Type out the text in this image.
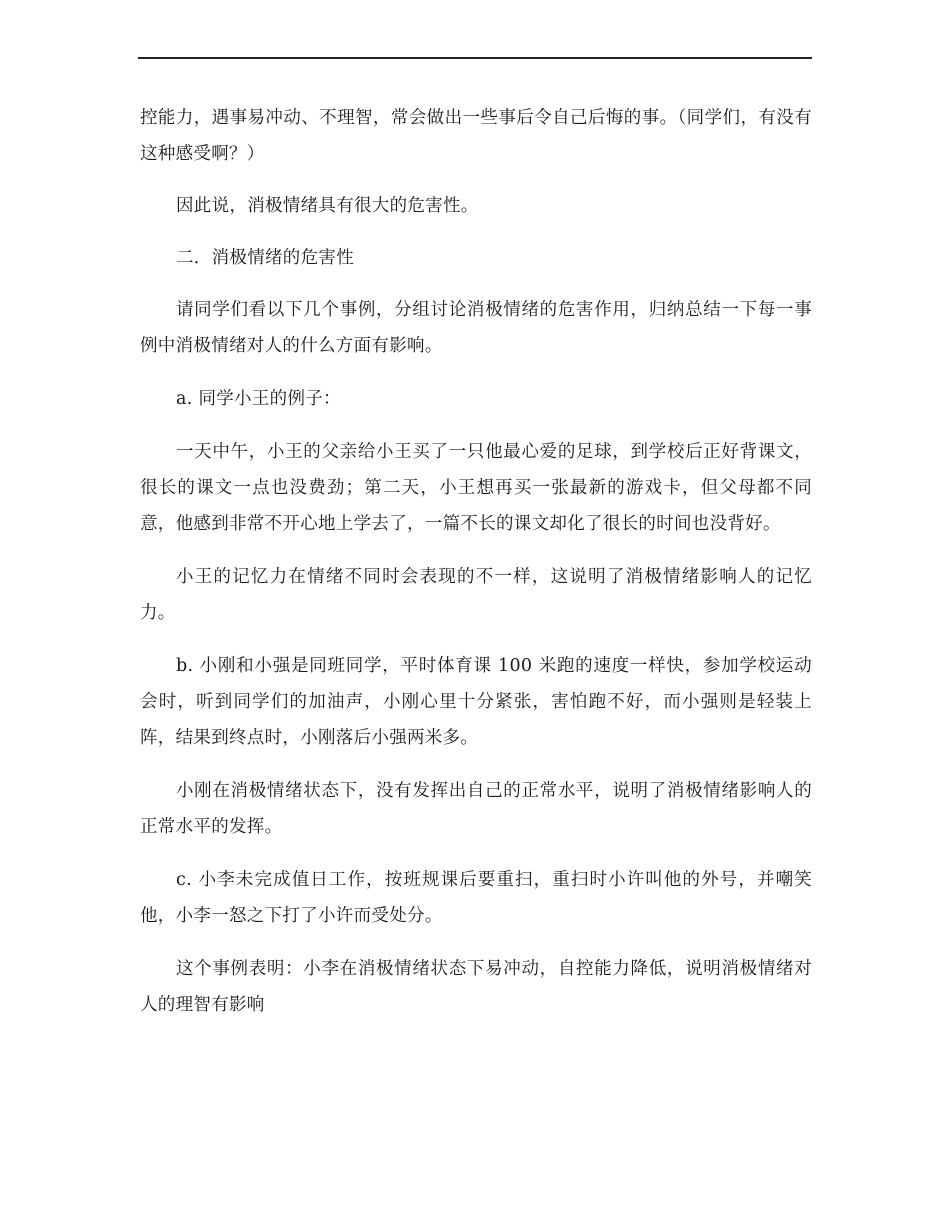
控能力，遇事易冲动、不理智，常会做出一些事后令自己后悔的事。（同学们，有没有这种感受啊？）

因此说，消极情绪具有很大的危害性。

二．消极情绪的危害性

请同学们看以下几个事例，分组讨论消极情绪的危害作用，归纳总结一下每一事例中消极情绪对人的什么方面有影响。

a. 同学小王的例子：

一天中午，小王的父亲给小王买了一只他最心爱的足球，到学校后正好背课文，很长的课文一点也没费劲；第二天，小王想再买一张最新的游戏卡，但父母都不同意，他感到非常不开心地上学去了，一篇不长的课文却化了很长的时间也没背好。

小王的记忆力在情绪不同时会表现的不一样，这说明了消极情绪影响人的记忆力。

b. 小刚和小强是同班同学，平时体育课 100 米跑的速度一样快，参加学校运动会时，听到同学们的加油声，小刚心里十分紧张，害怕跑不好，而小强则是轻装上阵，结果到终点时，小刚落后小强两米多。

小刚在消极情绪状态下，没有发挥出自己的正常水平，说明了消极情绪影响人的正常水平的发挥。

c. 小李未完成值日工作，按班规课后要重扫，重扫时小许叫他的外号，并嘲笑他，小李一怒之下打了小许而受处分。

这个事例表明：小李在消极情绪状态下易冲动，自控能力降低，说明消极情绪对人的理智有影响
